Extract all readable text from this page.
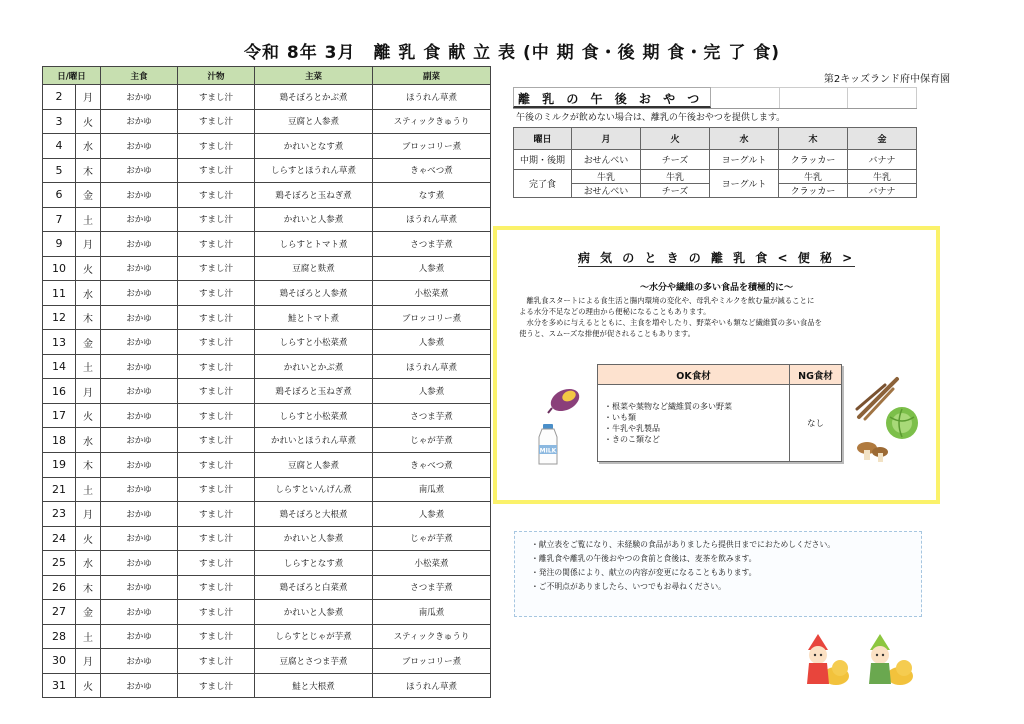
令和 8年 3月　離 乳 食 献 立 表 (中 期 食・後 期 食・完 了 食)
第2キッズランド府中保育園
日/曜日		主食	汁物	主菜	副菜
2	月	おかゆ	すまし汁	鶏そぼろとかぶ煮	ほうれん草煮
3	火	おかゆ	すまし汁	豆腐と人参煮	スティックきゅうり
4	水	おかゆ	すまし汁	かれいとなす煮	ブロッコリー煮
5	木	おかゆ	すまし汁	しらすとほうれん草煮	きゃべつ煮
6	金	おかゆ	すまし汁	鶏そぼろと玉ねぎ煮	なす煮
7	土	おかゆ	すまし汁	かれいと人参煮	ほうれん草煮
9	月	おかゆ	すまし汁	しらすとトマト煮	さつま芋煮
10	火	おかゆ	すまし汁	豆腐と麩煮	人参煮
11	水	おかゆ	すまし汁	鶏そぼろと人参煮	小松菜煮
12	木	おかゆ	すまし汁	鮭とトマト煮	ブロッコリー煮
13	金	おかゆ	すまし汁	しらすと小松菜煮	人参煮
14	土	おかゆ	すまし汁	かれいとかぶ煮	ほうれん草煮
16	月	おかゆ	すまし汁	鶏そぼろと玉ねぎ煮	人参煮
17	火	おかゆ	すまし汁	しらすと小松菜煮	さつま芋煮
18	水	おかゆ	すまし汁	かれいとほうれん草煮	じゃが芋煮
19	木	おかゆ	すまし汁	豆腐と人参煮	きゃべつ煮
21	土	おかゆ	すまし汁	しらすといんげん煮	南瓜煮
23	月	おかゆ	すまし汁	鶏そぼろと大根煮	人参煮
24	火	おかゆ	すまし汁	かれいと人参煮	じゃが芋煮
25	水	おかゆ	すまし汁	しらすとなす煮	小松菜煮
26	木	おかゆ	すまし汁	鶏そぼろと白菜煮	さつま芋煮
27	金	おかゆ	すまし汁	かれいと人参煮	南瓜煮
28	土	おかゆ	すまし汁	しらすとじゃが芋煮	スティックきゅうり
30	月	おかゆ	すまし汁	豆腐とさつま芋煮	ブロッコリー煮
31	火	おかゆ	すまし汁	鮭と大根煮	ほうれん草煮
離 乳 の 午 後 お や つ
午後のミルクが飲めない場合は、離乳の午後おやつを提供します。
曜日	月	火	水	木	金
中期・後期	おせんべい	チーズ	ヨーグルト	クラッカー	バナナ
完了食	牛乳	牛乳	ヨーグルト	牛乳	牛乳
	おせんべい	チーズ		クラッカー	バナナ
病 気 の と き の 離 乳 食 < 便 秘 >
～水分や繊維の多い食品を積極的に～
　離乳食スタートによる食生活と腸内環境の変化や、母乳やミルクを飲む量が減ることに
よる水分不足などの理由から便秘になることもあります。
　水分を多めに与えるとともに、主食を増やしたり、野菜やいも類など繊維質の多い食品を
使うと、スムーズな排便が促されることもあります。
OK食材	NG食材

・根菜や葉物など繊維質の多い野菜
・いも類
・牛乳や乳製品
・きのこ類など	なし
MILK
・献立表をご覧になり、未経験の食品がありましたら提供日までにおためしください。
・離乳食や離乳の午後おやつの食前と食後は、麦茶を飲みます。
・発注の関係により、献立の内容が変更になることもあります。
・ご不明点がありましたら、いつでもお尋ねください。
